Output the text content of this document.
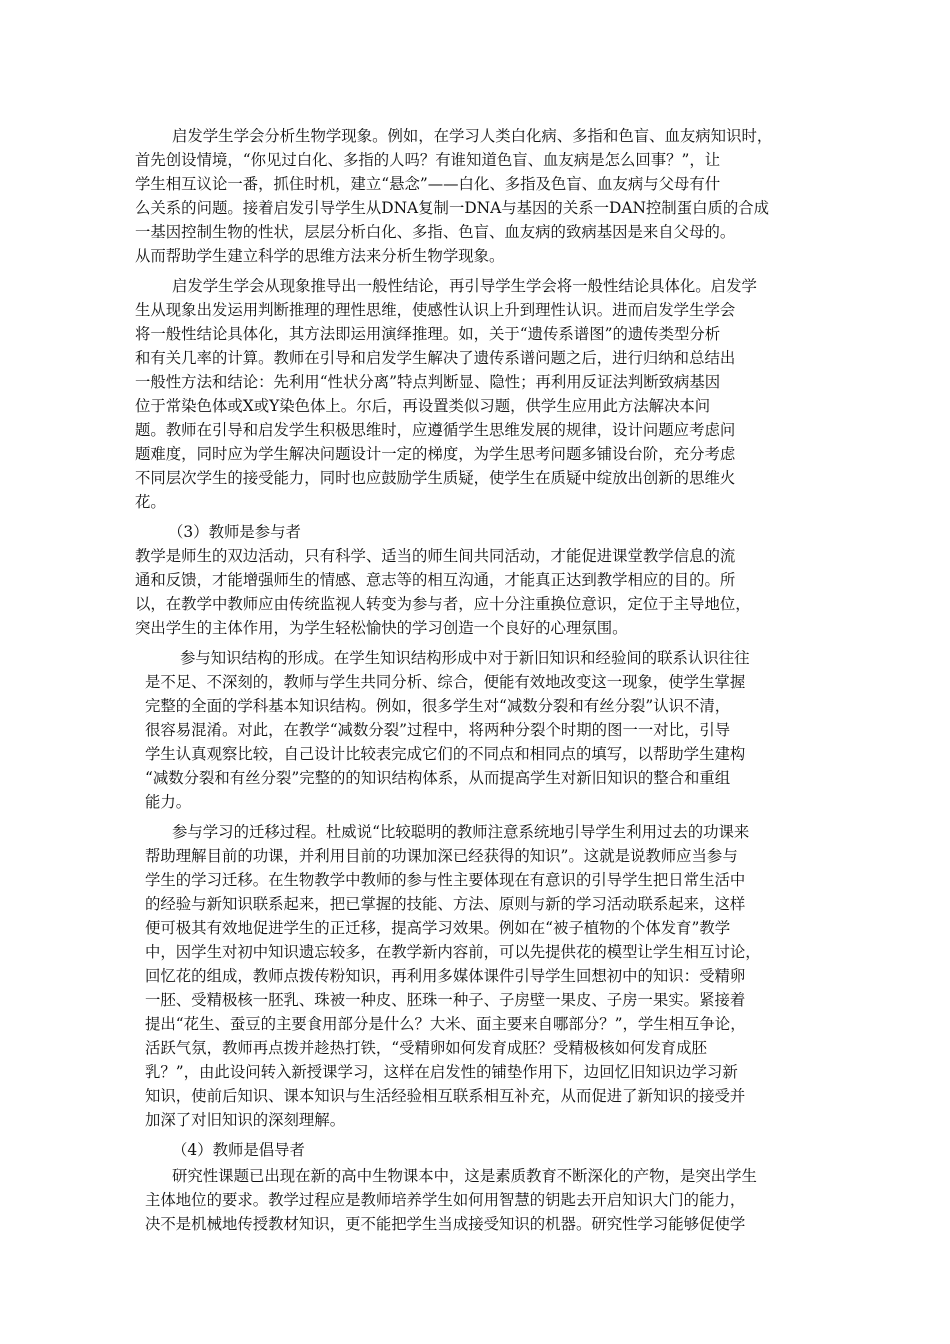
启发学生学会分析生物学现象。例如，在学习人类白化病、多指和色盲、血友病知识时，

首先创设情境，“你见过白化、多指的人吗？有谁知道色盲、血友病是怎么回事？”，让

学生相互议论一番，抓住时机，建立“悬念”——白化、多指及色盲、血友病与父母有什

么关系的问题。接着启发引导学生从DNA复制一DNA与基因的关系一DAN控制蛋白质的合成

一基因控制生物的性状，层层分析白化、多指、色盲、血友病的致病基因是来自父母的。

从而帮助学生建立科学的思维方法来分析生物学现象。

启发学生学会从现象推导出一般性结论，再引导学生学会将一般性结论具体化。启发学

生从现象出发运用判断推理的理性思维，使感性认识上升到理性认识。进而启发学生学会

将一般性结论具体化，其方法即运用演绎推理。如，关于“遗传系谱图”的遗传类型分析

和有关几率的计算。教师在引导和启发学生解决了遗传系谱问题之后，进行归纳和总结出

一般性方法和结论：先利用“性状分离”特点判断显、隐性；再利用反证法判断致病基因

位于常染色体或X或Y染色体上。尔后，再设置类似习题，供学生应用此方法解决本问

题。教师在引导和启发学生积极思维时，应遵循学生思维发展的规律，设计问题应考虑问

题难度，同时应为学生解决问题设计一定的梯度，为学生思考问题多铺设台阶，充分考虑

不同层次学生的接受能力，同时也应鼓励学生质疑，使学生在质疑中绽放出创新的思维火

花。

（3）教师是参与者

教学是师生的双边活动，只有科学、适当的师生间共同活动，才能促进课堂教学信息的流

通和反馈，才能增强师生的情感、意志等的相互沟通，才能真正达到教学相应的目的。所

以，在教学中教师应由传统监视人转变为参与者，应十分注重换位意识，定位于主导地位，

突出学生的主体作用，为学生轻松愉快的学习创造一个良好的心理氛围。

参与知识结构的形成。在学生知识结构形成中对于新旧知识和经验间的联系认识往往

是不足、不深刻的，教师与学生共同分析、综合，便能有效地改变这一现象，使学生掌握

完整的全面的学科基本知识结构。例如，很多学生对“减数分裂和有丝分裂”认识不清，

很容易混淆。对此，在教学“减数分裂”过程中，将两种分裂个时期的图一一对比，引导

学生认真观察比较，自己设计比较表完成它们的不同点和相同点的填写，以帮助学生建构

“减数分裂和有丝分裂”完整的的知识结构体系，从而提高学生对新旧知识的整合和重组

能力。

参与学习的迁移过程。杜威说“比较聪明的教师注意系统地引导学生利用过去的功课来

帮助理解目前的功课，并利用目前的功课加深已经获得的知识”。这就是说教师应当参与

学生的学习迁移。在生物教学中教师的参与性主要体现在有意识的引导学生把日常生活中

的经验与新知识联系起来，把已掌握的技能、方法、原则与新的学习活动联系起来，这样

便可极其有效地促进学生的正迁移，提高学习效果。例如在“被子植物的个体发育”教学

中，因学生对初中知识遗忘较多，在教学新内容前，可以先提供花的模型让学生相互讨论，

回忆花的组成，教师点拨传粉知识，再利用多媒体课件引导学生回想初中的知识：受精卵

一胚、受精极核一胚乳、珠被一种皮、胚珠一种子、子房壁一果皮、子房一果实。紧接着

提出“花生、蚕豆的主要食用部分是什么？大米、面主要来自哪部分？”，学生相互争论，

活跃气氛，教师再点拨并趁热打铁，“受精卵如何发育成胚？受精极核如何发育成胚

乳？”，由此设问转入新授课学习，这样在启发性的铺垫作用下，边回忆旧知识边学习新

知识，使前后知识、课本知识与生活经验相互联系相互补充，从而促进了新知识的接受并

加深了对旧知识的深刻理解。

（4）教师是倡导者

研究性课题已出现在新的高中生物课本中，这是素质教育不断深化的产物，是突出学生

主体地位的要求。教学过程应是教师培养学生如何用智慧的钥匙去开启知识大门的能力，

决不是机械地传授教材知识，更不能把学生当成接受知识的机器。研究性学习能够促使学
